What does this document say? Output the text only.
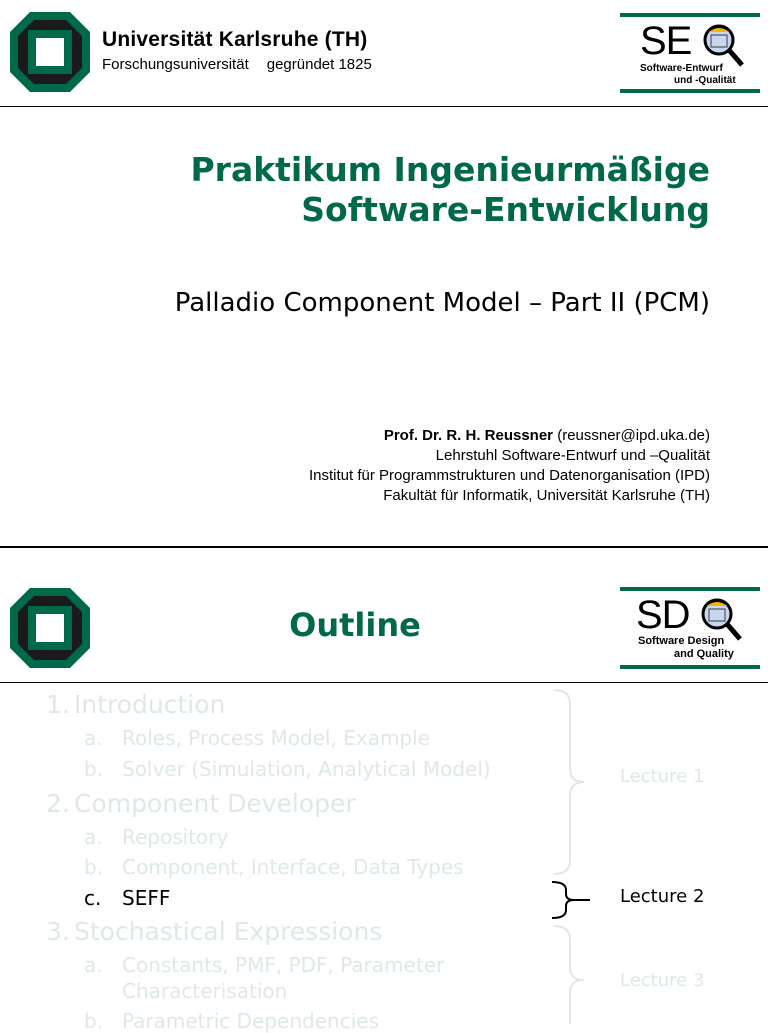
Universität Karlsruhe (TH)
Forschungsuniversität gegründet 1825
SE
Software-Entwurf
und -Qualität
Praktikum Ingenieurmäßige
Software-Entwicklung
Palladio Component Model – Part II (PCM)
Prof. Dr. R. H. Reussner (reussner@ipd.uka.de)
Lehrstuhl Software-Entwurf und –Qualität
Institut für Programmstrukturen und Datenorganisation (IPD)
Fakultät für Informatik, Universität Karlsruhe (TH)
Outline	SD
Software Design
and Quality
1. Introduction
a. Roles, Process Model, Example
b. Solver (Simulation, Analytical Model)
2. Component Developer
a. Repository
b. Component, Interface, Data Types
c. SEFF
3. Stochastical Expressions
a. Constants, PMF, PDF, Parameter
Characterisation
b. Parametric Dependencies
Lecture 1
Lecture 2
Lecture 3
